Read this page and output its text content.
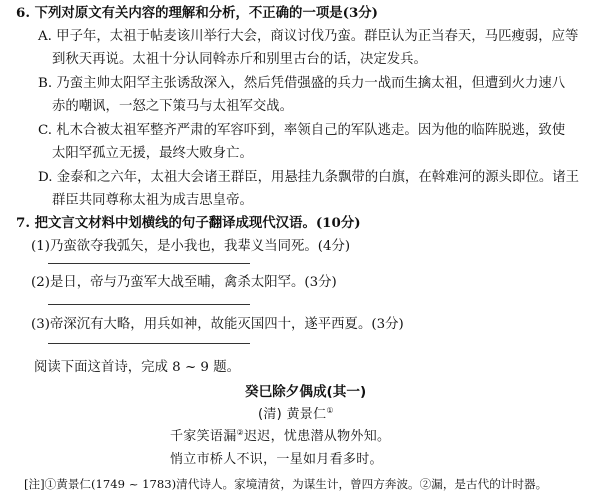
6. 下列对原文有关内容的理解和分析，不正确的一项是(3分)
A. 甲子年，太祖于帖麦该川举行大会，商议讨伐乃蛮。群臣认为正当春天，马匹瘦弱，应等
到秋天再说。太祖十分认同斡赤斤和别里古台的话，决定发兵。
B. 乃蛮主帅太阳罕主张诱敌深入，然后凭借强盛的兵力一战而生擒太祖，但遭到火力速八
赤的嘲讽，一怒之下策马与太祖军交战。
C. 札木合被太祖军整齐严肃的军容吓到，率领自己的军队逃走。因为他的临阵脱逃，致使
太阳罕孤立无援，最终大败身亡。
D. 金泰和之六年，太祖大会诸王群臣，用悬挂九条飘带的白旗，在斡难河的源头即位。诸王
群臣共同尊称太祖为成吉思皇帝。
7. 把文言文材料中划横线的句子翻译成现代汉语。(10分)
(1)乃蛮欲夺我弧矢，是小我也，我辈义当同死。(4分)
(2)是日，帝与乃蛮军大战至晡，禽杀太阳罕。(3分)
(3)帝深沉有大略，用兵如神，故能灭国四十，遂平西夏。(3分)
阅读下面这首诗，完成 8 ~ 9 题。
癸巳除夕偶成(其一)
(清) 黄景仁①
千家笑语漏②迟迟，忧患潜从物外知。
悄立市桥人不识，一星如月看多时。
[注]①黄景仁(1749 ~ 1783)清代诗人。家境清贫，为谋生计，曾四方奔波。②漏，是古代的计时器。
